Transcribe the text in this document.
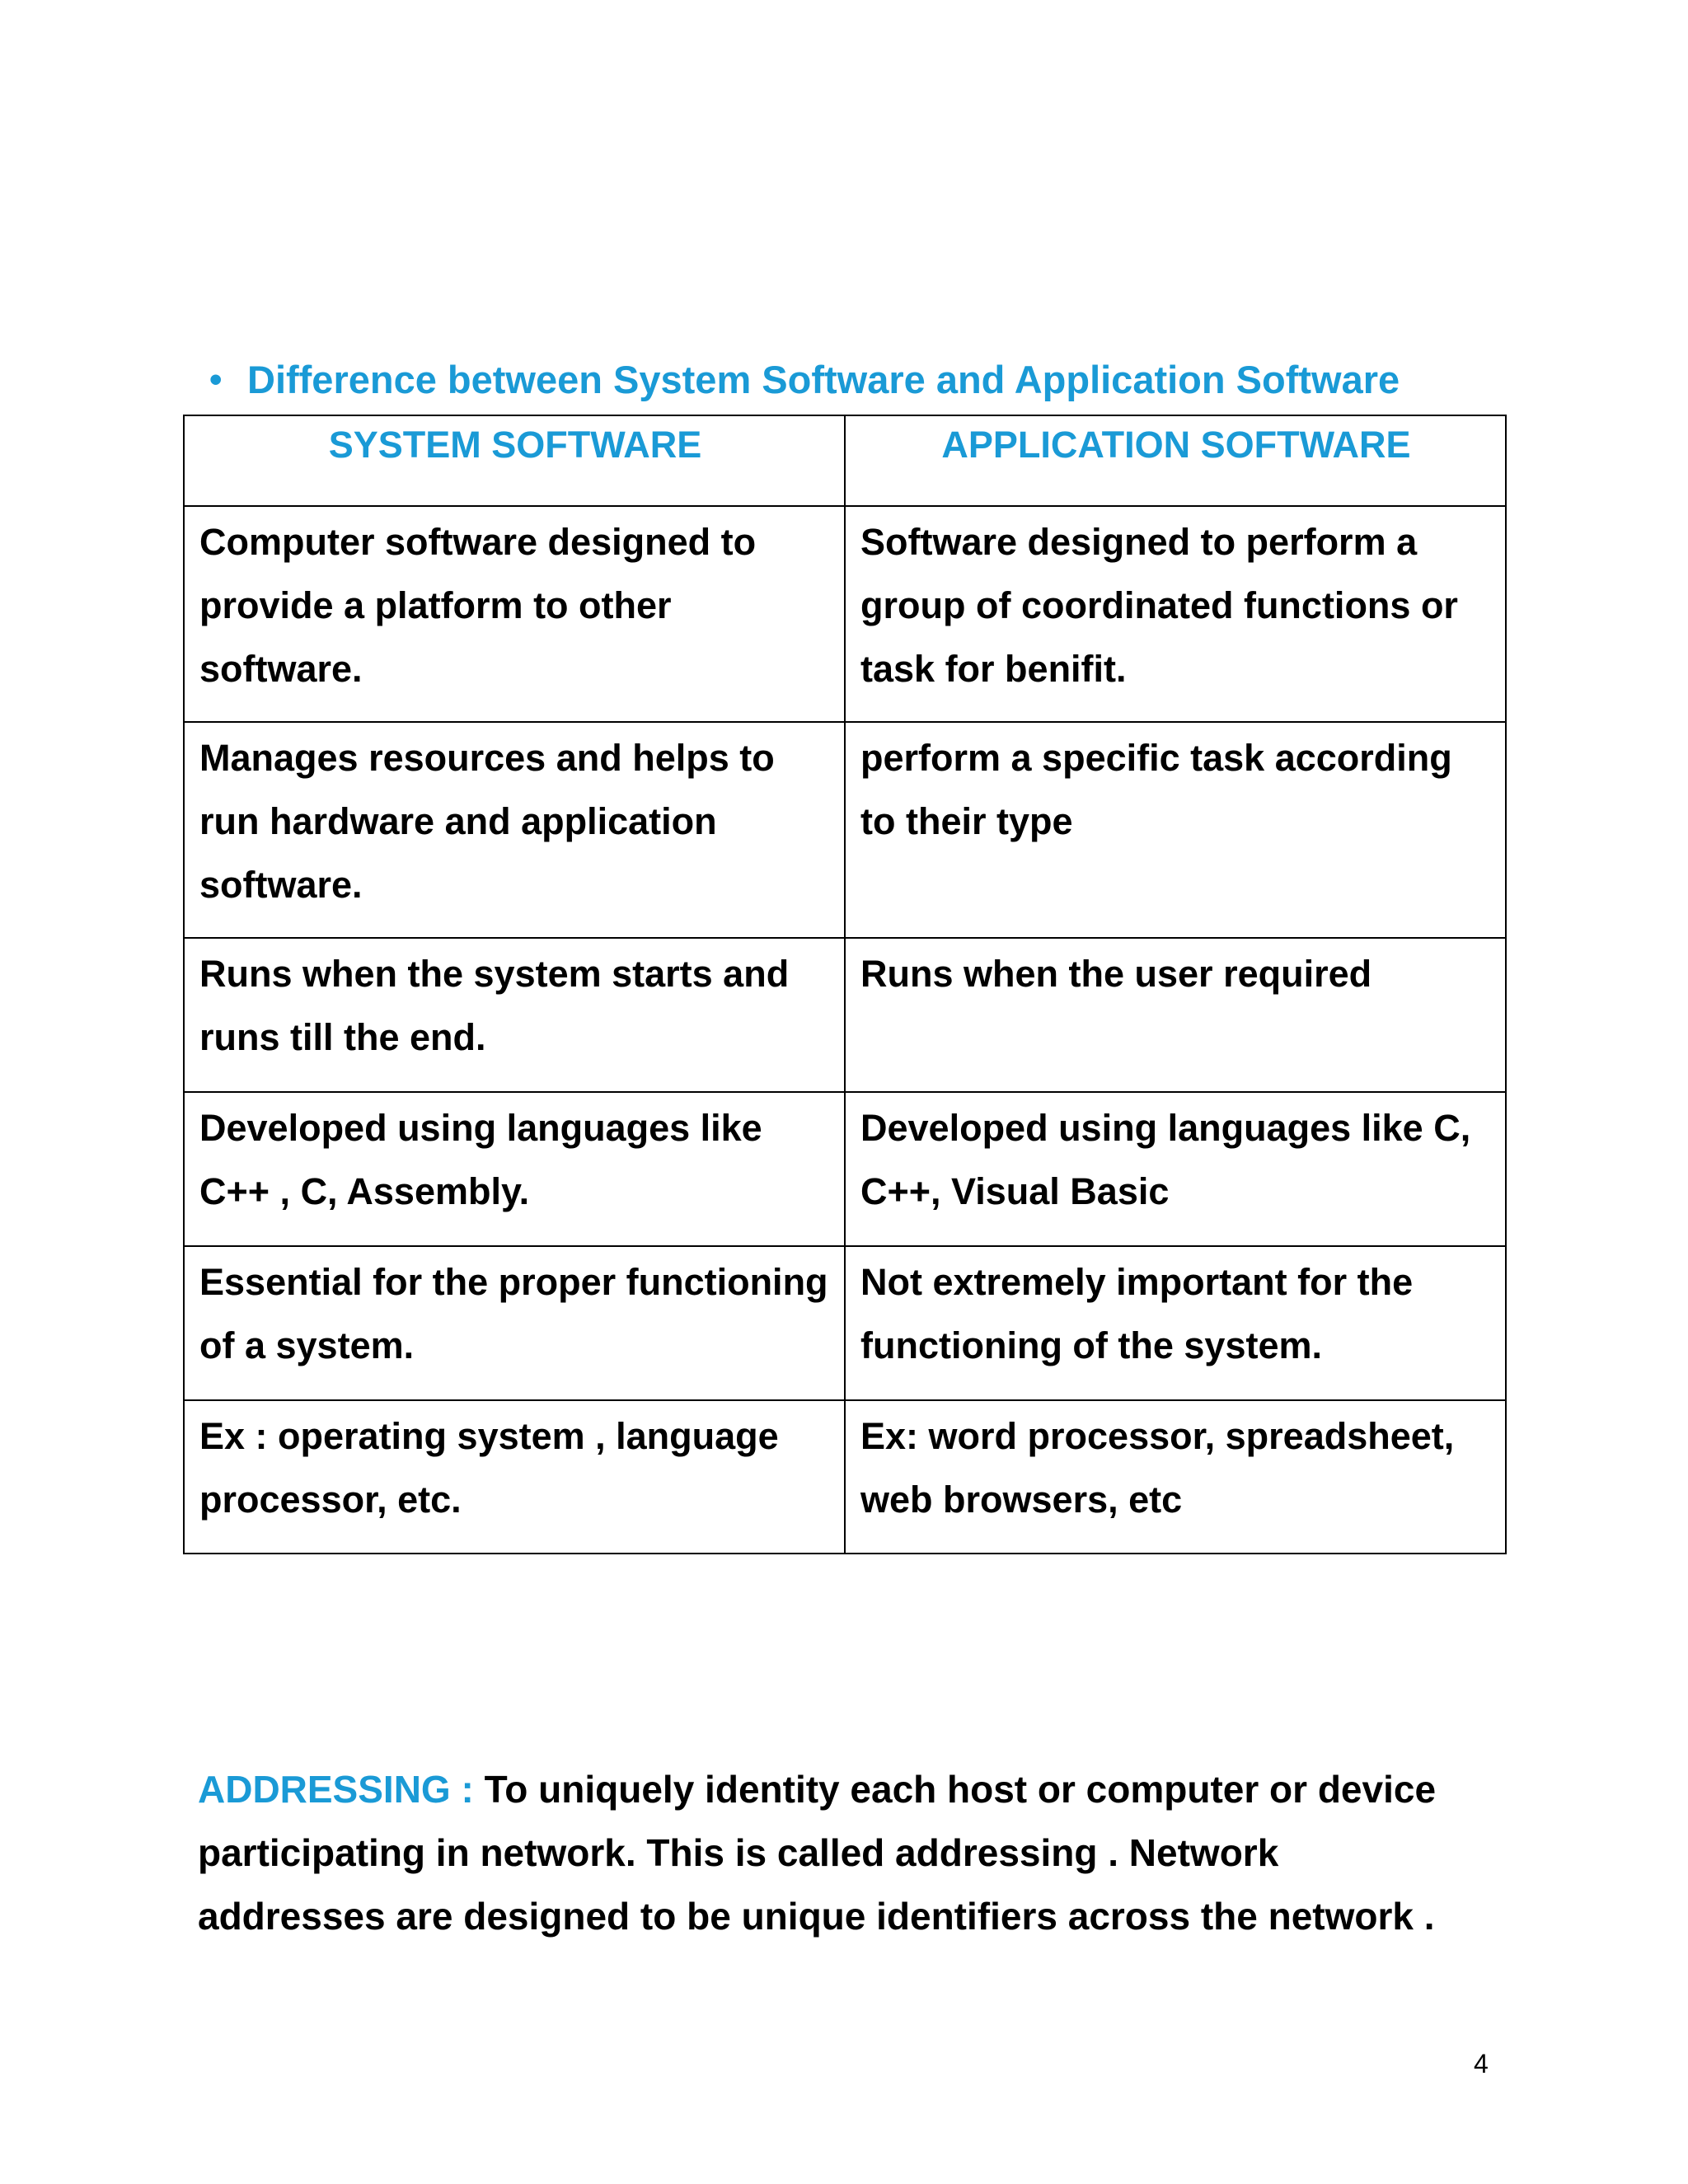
• Difference between System Software and Application Software
SYSTEM SOFTWARE	APPLICATION SOFTWARE
Computer software designed to provide a platform to other software.	Software designed to perform a group of coordinated functions or task for benifit.
Manages resources and helps to run hardware and application software.	perform a specific task according to their type
Runs when the system starts and runs till the end.	Runs when the user required
Developed using languages like C++ , C, Assembly.	Developed using languages like C, C++, Visual Basic
Essential for the proper functioning of a system.	Not extremely important for the functioning of the system.
Ex : operating system , language processor, etc.	Ex: word processor, spreadsheet, web browsers, etc
ADDRESSING : To uniquely identity each host or computer or device
participating in network. This is called addressing . Network
addresses are designed to be unique identifiers across the network .
4
